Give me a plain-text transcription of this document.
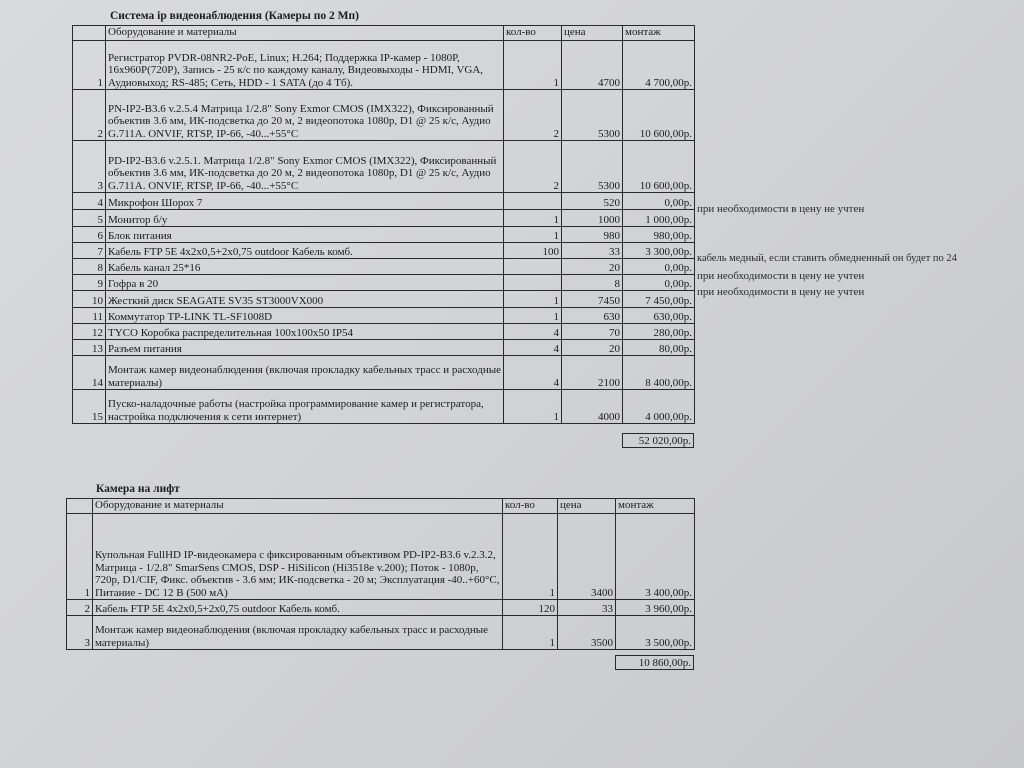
Система ip видеонаблюдения (Камеры по 2 Мп)
	Оборудование и материалы	кол-во	цена	монтаж
1	Регистратор PVDR-08NR2-PoE, Linux; H.264; Поддержка IP-камер - 1080P, 16x960P(720P), Запись - 25 к/с по каждому каналу, Видеовыходы - HDMI, VGA, Аудиовыход; RS-485; Сеть, HDD - 1 SATA (до 4 Тб).	1	4700	4 700,00р.
2	PN-IP2-B3.6 v.2.5.4 Матрица 1/2.8" Sony Exmor CMOS (IMX322), Фиксированный объектив 3.6 мм, ИК-подсветка до 20 м, 2 видеопотока 1080p, D1 @ 25 к/с, Аудио G.711A. ONVIF, RTSP, IP-66, -40...+55°C	2	5300	10 600,00р.
3	PD-IP2-B3.6 v.2.5.1. Матрица 1/2.8" Sony Exmor CMOS (IMX322), Фиксированный объектив 3.6 мм, ИК-подсветка до 20 м, 2 видеопотока 1080p, D1 @ 25 к/с, Аудио G.711A. ONVIF, RTSP, IP-66, -40...+55°C	2	5300	10 600,00р.
4	Микрофон Шорох 7		520	0,00р.
5	Монитор б/у	1	1000	1 000,00р.
6	Блок питания	1	980	980,00р.
7	Кабель FTP 5E 4x2x0,5+2x0,75 outdoor Кабель комб.	100	33	3 300,00р.
8	Кабель канал 25*16		20	0,00р.
9	Гофра в 20		8	0,00р.
10	Жесткий диск SEAGATE SV35 ST3000VX000	1	7450	7 450,00р.
11	Коммутатор TP-LINK TL-SF1008D	1	630	630,00р.
12	TYCO Коробка распределительная 100x100x50 IP54	4	70	280,00р.
13	Разъем питания	4	20	80,00р.
14	Монтаж камер видеонаблюдения (включая прокладку кабельных трасс и расходные материалы)	4	2100	8 400,00р.
15	Пуско-наладочные работы (настройка программирование камер и регистратора, настройка подключения к сети интернет)	1	4000	4 000,00р.
52 020,00р.
при необходимости в цену не учтен
кабель медный, если ставить обмедненный он будет по 24
при необходимости в цену не учтен
при необходимости в цену не учтен
Камера на лифт
	Оборудование и материалы	кол-во	цена	монтаж
1	Купольная FullHD IP-видеокамера с фиксированным объективом PD-IP2-B3.6 v.2.3.2, Матрица - 1/2.8" SmarSens CMOS, DSP - HiSilicon (Hi3518e v.200); Поток - 1080p, 720p, D1/CIF, Фикс. объектив - 3.6 мм; ИК-подсветка - 20 м; Эксплуатация -40..+60°C, Питание - DC 12 В (500 мА)	1	3400	3 400,00р.
2	Кабель FTP 5E 4x2x0,5+2x0,75 outdoor Кабель комб.	120	33	3 960,00р.
3	Монтаж камер видеонаблюдения (включая прокладку кабельных трасс и расходные материалы)	1	3500	3 500,00р.
10 860,00р.
